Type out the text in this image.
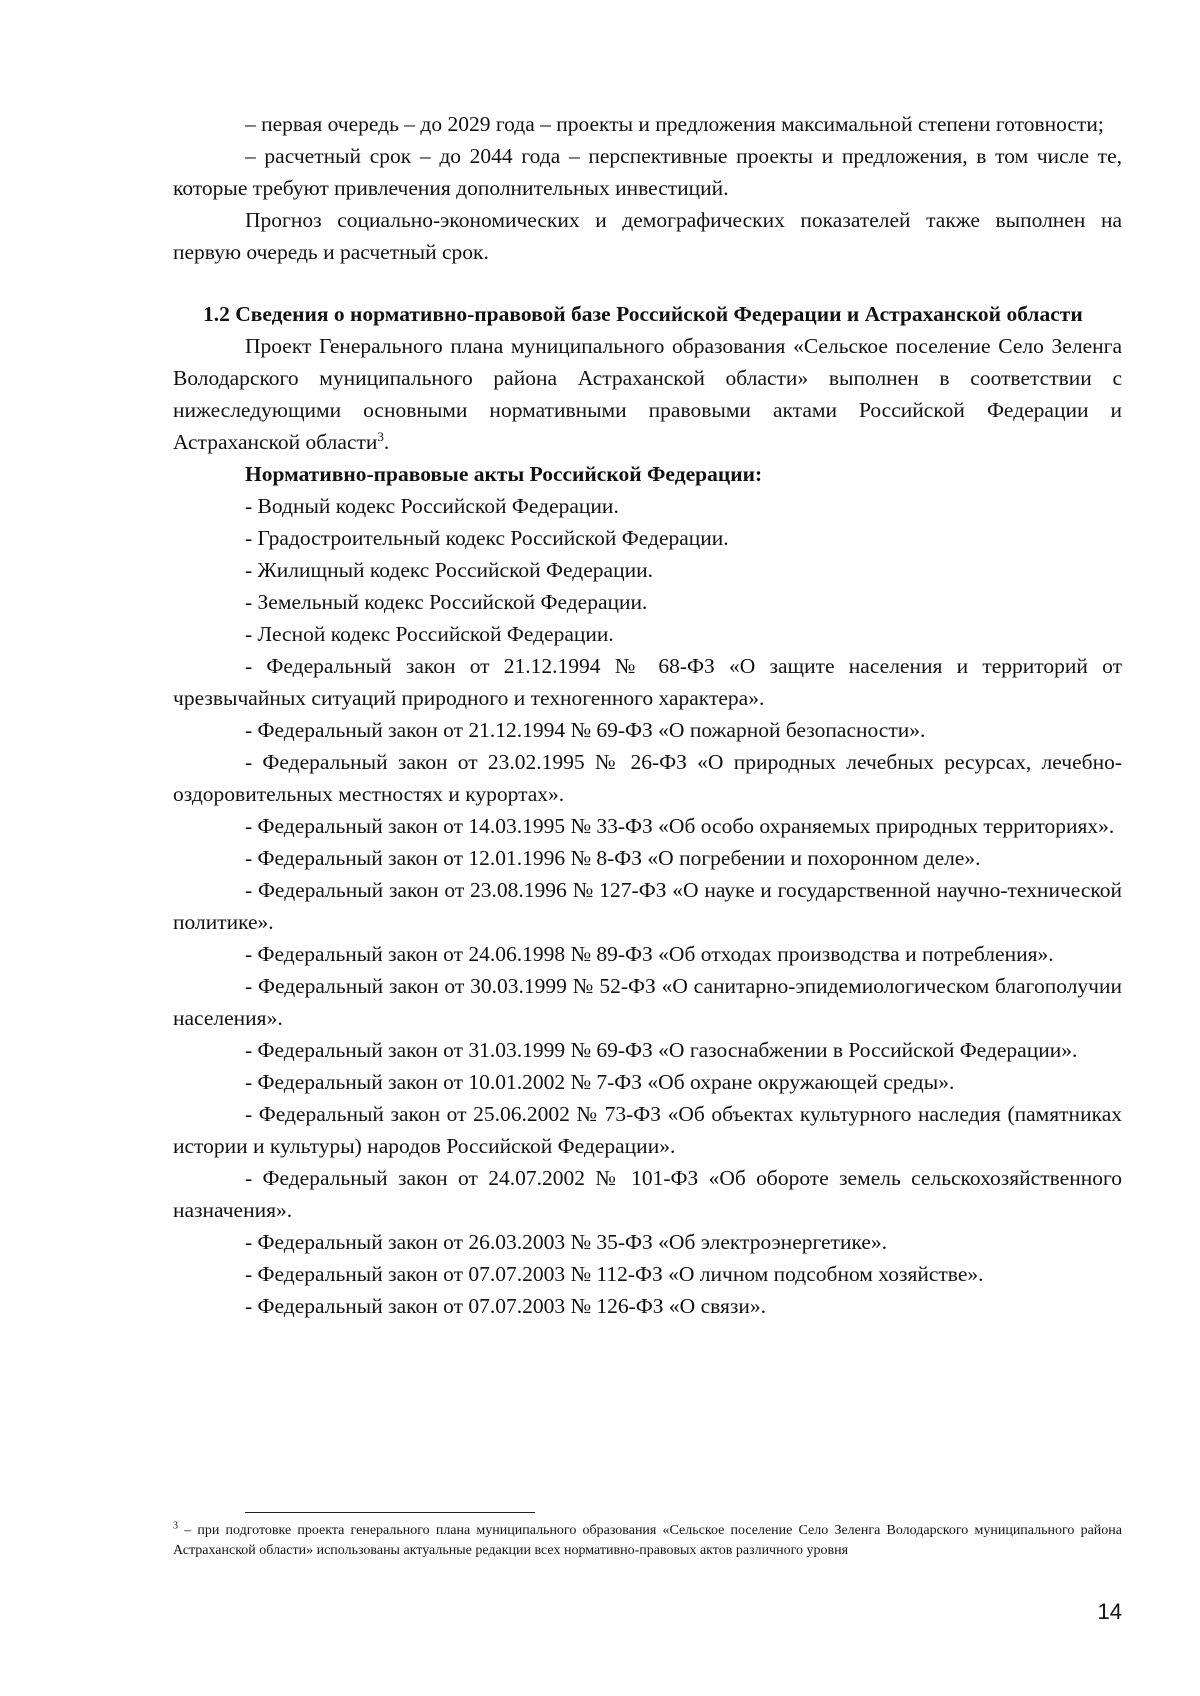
– первая очередь – до 2029 года – проекты и предложения максимальной степени готовности;

– расчетный срок – до 2044 года – перспективные проекты и предложения, в том числе те, которые требуют привлечения дополнительных инвестиций.

Прогноз социально-экономических и демографических показателей также выполнен на первую очередь и расчетный срок.

1.2 Сведения о нормативно-правовой базе Российской Федерации и Астраханской области

Проект Генерального плана муниципального образования «Сельское поселение Село Зеленга Володарского муниципального района Астраханской области» выполнен в соответствии с нижеследующими основными нормативными правовыми актами Российской Федерации и Астраханской области$^3$.

Нормативно-правовые акты Российской Федерации:

- Водный кодекс Российской Федерации.

- Градостроительный кодекс Российской Федерации.

- Жилищный кодекс Российской Федерации.

- Земельный кодекс Российской Федерации.

- Лесной кодекс Российской Федерации.

- Федеральный закон от 21.12.1994 № 68-ФЗ «О защите населения и территорий от чрезвычайных ситуаций природного и техногенного характера».

- Федеральный закон от 21.12.1994 № 69-ФЗ «О пожарной безопасности».

- Федеральный закон от 23.02.1995 № 26-ФЗ «О природных лечебных ресурсах, лечебно-оздоровительных местностях и курортах».

- Федеральный закон от 14.03.1995 № 33-ФЗ «Об особо охраняемых природных территориях».

- Федеральный закон от 12.01.1996 № 8-ФЗ «О погребении и похоронном деле».

- Федеральный закон от 23.08.1996 № 127-ФЗ «О науке и государственной научно-технической политике».

- Федеральный закон от 24.06.1998 № 89-ФЗ «Об отходах производства и потребления».

- Федеральный закон от 30.03.1999 № 52-ФЗ «О санитарно-эпидемиологическом благополучии населения».

- Федеральный закон от 31.03.1999 № 69-ФЗ «О газоснабжении в Российской Федерации».

- Федеральный закон от 10.01.2002 № 7-ФЗ «Об охране окружающей среды».

- Федеральный закон от 25.06.2002 № 73-ФЗ «Об объектах культурного наследия (памятниках истории и культуры) народов Российской Федерации».

- Федеральный закон от 24.07.2002 № 101-ФЗ «Об обороте земель сельскохозяйственного назначения».

- Федеральный закон от 26.03.2003 № 35-ФЗ «Об электроэнергетике».

- Федеральный закон от 07.07.2003 № 112-ФЗ «О личном подсобном хозяйстве».

- Федеральный закон от 07.07.2003 № 126-ФЗ «О связи».

$^3$ – при подготовке проекта генерального плана муниципального образования «Сельское поселение Село Зеленга Володарского муниципального района Астраханской области» использованы актуальные редакции всех нормативно-правовых актов различного уровня
14
